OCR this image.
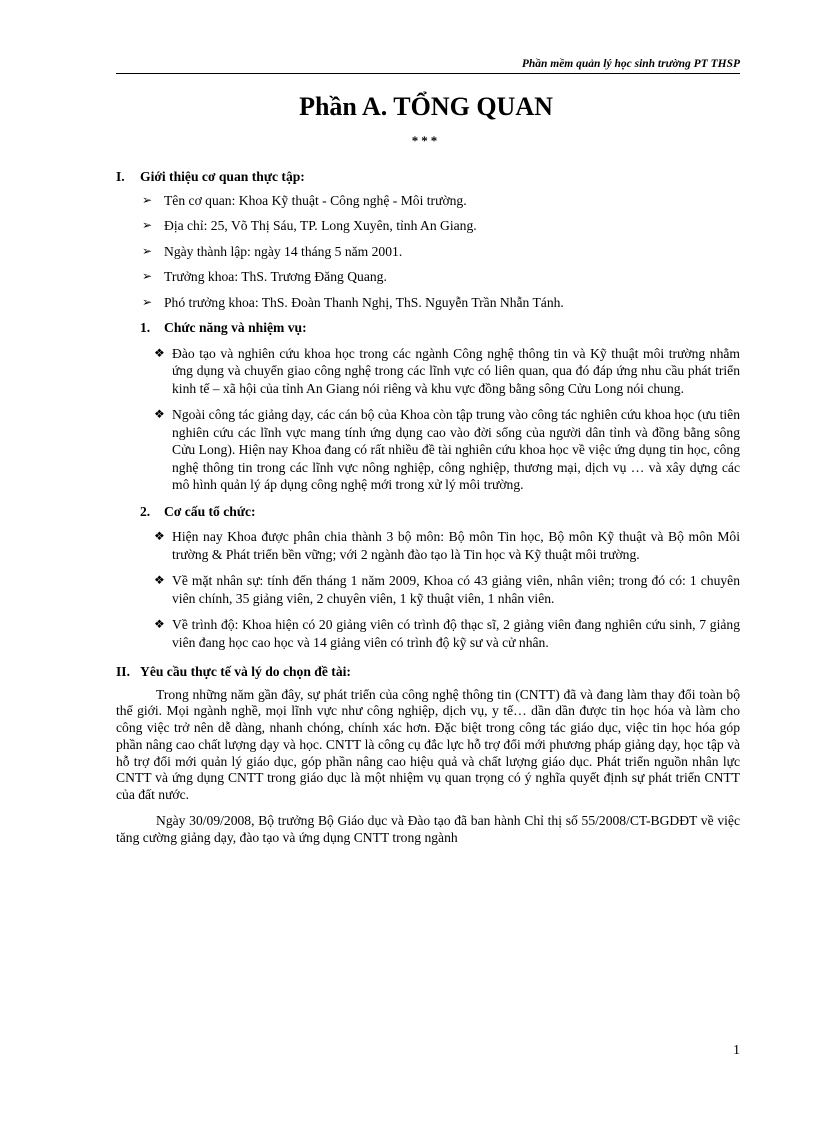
Phần mềm quản lý học sinh trường PT THSP
Phần A. TỔNG QUAN
***
I.	Giới thiệu cơ quan thực tập:
➢ Tên cơ quan: Khoa Kỹ thuật - Công nghệ - Môi trường.
➢ Địa chỉ: 25, Võ Thị Sáu, TP. Long Xuyên, tỉnh An Giang.
➢ Ngày thành lập: ngày 14 tháng 5 năm 2001.
➢ Trưởng khoa: ThS. Trương Đăng Quang.
➢ Phó trưởng khoa: ThS. Đoàn Thanh Nghị, ThS. Nguyễn Trần Nhẫn Tánh.
1.	Chức năng và nhiệm vụ:
❖ Đào tạo và nghiên cứu khoa học trong các ngành Công nghệ thông tin và Kỹ thuật môi trường nhằm ứng dụng và chuyển giao công nghệ trong các lĩnh vực có liên quan, qua đó đáp ứng nhu cầu phát triển kinh tế – xã hội của tỉnh An Giang nói riêng và khu vực đồng bằng sông Cửu Long nói chung.
❖ Ngoài công tác giảng dạy, các cán bộ của Khoa còn tập trung vào công tác nghiên cứu khoa học (ưu tiên nghiên cứu các lĩnh vực mang tính ứng dụng cao vào đời sống của người dân tỉnh và đồng bằng sông Cửu Long). Hiện nay Khoa đang có rất nhiều đề tài nghiên cứu khoa học về việc ứng dụng tin học, công nghệ thông tin trong các lĩnh vực nông nghiệp, công nghiệp, thương mại, dịch vụ … và xây dựng các mô hình quản lý áp dụng công nghệ mới trong xử lý môi trường.
2.	Cơ cấu tổ chức:
❖ Hiện nay Khoa được phân chia thành 3 bộ môn: Bộ môn Tin học, Bộ môn Kỹ thuật và Bộ môn Môi trường & Phát triển bền vững; với 2 ngành đào tạo là Tin học và Kỹ thuật môi trường.
❖ Về mặt nhân sự: tính đến tháng 1 năm 2009, Khoa có 43 giảng viên, nhân viên; trong đó có: 1 chuyên viên chính, 35 giảng viên, 2 chuyên viên, 1 kỹ thuật viên, 1 nhân viên.
❖ Về trình độ: Khoa hiện có 20 giảng viên có trình độ thạc sĩ, 2 giảng viên đang nghiên cứu sinh, 7 giảng viên đang học cao học và 14 giảng viên có trình độ kỹ sư và cử nhân.
II. Yêu cầu thực tế và lý do chọn đề tài:

Trong những năm gần đây, sự phát triển của công nghệ thông tin (CNTT) đã và đang làm thay đổi toàn bộ thế giới. Mọi ngành nghề, mọi lĩnh vực như công nghiệp, dịch vụ, y tế… dần dần được tin học hóa và làm cho công việc trở nên dễ dàng, nhanh chóng, chính xác hơn. Đặc biệt trong công tác giáo dục, việc tin học hóa góp phần nâng cao chất lượng dạy và học. CNTT là công cụ đắc lực hỗ trợ đổi mới phương pháp giảng dạy, học tập và hỗ trợ đổi mới quản lý giáo dục, góp phần nâng cao hiệu quả và chất lượng giáo dục. Phát triển nguồn nhân lực CNTT và ứng dụng CNTT trong giáo dục là một nhiệm vụ quan trọng có ý nghĩa quyết định sự phát triển CNTT của đất nước.

Ngày 30/09/2008, Bộ trưởng Bộ Giáo dục và Đào tạo đã ban hành Chỉ thị số 55/2008/CT-BGDĐT về việc tăng cường giảng dạy, đào tạo và ứng dụng CNTT trong ngành

1
